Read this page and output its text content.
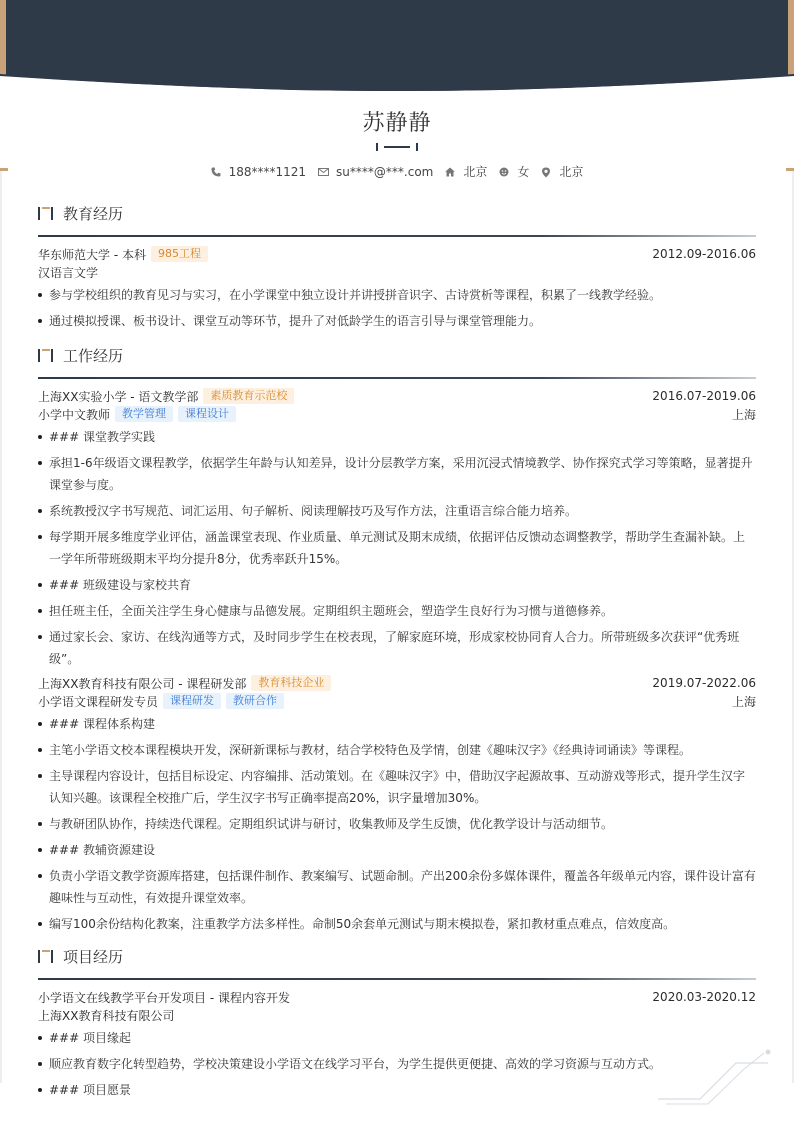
苏静静
188****1121	su****@***.com	北京	女	北京
教育经历
华东师范大学 - 本科	985工程	2012.09-2016.06
汉语言文学
参与学校组织的教育见习与实习，在小学课堂中独立设计并讲授拼音识字、古诗赏析等课程，积累了一线教学经验。
通过模拟授课、板书设计、课堂互动等环节，提升了对低龄学生的语言引导与课堂管理能力。
工作经历
上海XX实验小学 - 语文教学部	素质教育示范校	2016.07-2019.06
小学中文教师	教学管理	课程设计	上海
### 课堂教学实践
承担1-6年级语文课程教学，依据学生年龄与认知差异，设计分层教学方案，采用沉浸式情境教学、协作探究式学习等策略，显著提升课堂参与度。
系统教授汉字书写规范、词汇运用、句子解析、阅读理解技巧及写作方法，注重语言综合能力培养。
每学期开展多维度学业评估，涵盖课堂表现、作业质量、单元测试及期末成绩，依据评估反馈动态调整教学，帮助学生查漏补缺。上一学年所带班级期末平均分提升8分，优秀率跃升15%。
### 班级建设与家校共育
担任班主任，全面关注学生身心健康与品德发展。定期组织主题班会，塑造学生良好行为习惯与道德修养。
通过家长会、家访、在线沟通等方式，及时同步学生在校表现，了解家庭环境，形成家校协同育人合力。所带班级多次获评“优秀班级”。
上海XX教育科技有限公司 - 课程研发部	教育科技企业	2019.07-2022.06
小学语文课程研发专员	课程研发	教研合作	上海
### 课程体系构建
主笔小学语文校本课程模块开发，深研新课标与教材，结合学校特色及学情，创建《趣味汉字》《经典诗词诵读》等课程。
主导课程内容设计，包括目标设定、内容编排、活动策划。在《趣味汉字》中，借助汉字起源故事、互动游戏等形式，提升学生汉字认知兴趣。该课程全校推广后，学生汉字书写正确率提高20%，识字量增加30%。
与教研团队协作，持续迭代课程。定期组织试讲与研讨，收集教师及学生反馈，优化教学设计与活动细节。
### 教辅资源建设
负责小学语文教学资源库搭建，包括课件制作、教案编写、试题命制。产出200余份多媒体课件，覆盖各年级单元内容，课件设计富有趣味性与互动性，有效提升课堂效率。
编写100余份结构化教案，注重教学方法多样性。命制50余套单元测试与期末模拟卷，紧扣教材重点难点，信效度高。
项目经历
小学语文在线教学平台开发项目 - 课程内容开发	2020.03-2020.12
上海XX教育科技有限公司
### 项目缘起
顺应教育数字化转型趋势，学校决策建设小学语文在线学习平台，为学生提供更便捷、高效的学习资源与互动方式。
### 项目愿景
